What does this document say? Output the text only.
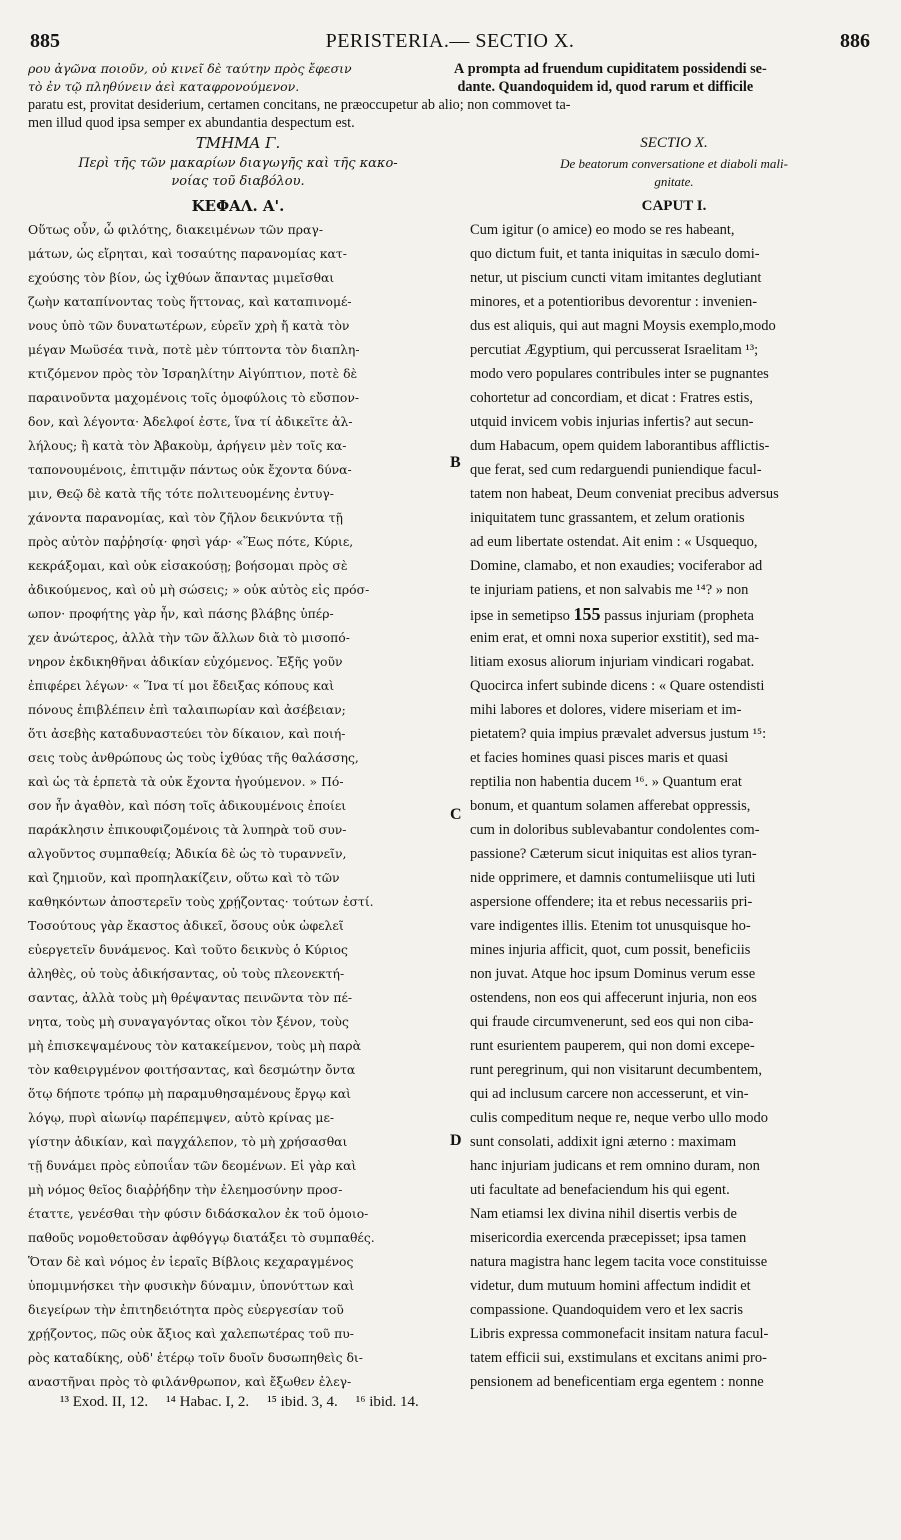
885	PERISTERIA.— SECTIO X.	886
ρου ἀγῶνα ποιοῦν, οὐ κινεῖ δὲ ταύτην πρὸς ἔφεσιν	A prompta ad fruendum cupiditatem possidendi se-
τὸ ἐν τῷ πληθύνειν ἀεὶ καταφρονούμενον.	dante. Quandoquidem id, quod rarum et difficile
paratu est, provitat desiderium, certamen concitans, ne præoccupetur ab alio; non commovet ta-
men illud quod ipsa semper ex abundantia despectum est.
ΤΜΗΜΑ Γ.
Περὶ τῆς τῶν μακαρίων διαγωγῆς καὶ τῆς κακο-
νοίας τοῦ διαβόλου.
ΚΕΦΑΛ. Α'.
Οὕτως οὖν, ὦ φιλότης, διακειμένων τῶν πραγ-
μάτων, ὡς εἴρηται, καὶ τοσαύτης παρανομίας κατ-
εχούσης τὸν βίον, ὡς ἰχθύων ἅπαντας μιμεῖσθαι
ζωὴν καταπίνοντας τοὺς ἥττονας, καὶ καταπινομέ-
νους ὑπὸ τῶν δυνατωτέρων, εὑρεῖν χρὴ ἤ κατὰ τὸν
μέγαν Μωϋσέα τινὰ, ποτὲ μὲν τύπτοντα τὸν διαπλη-
κτιζόμενον πρὸς τὸν Ἰσραηλίτην Αἰγύπτιον, ποτὲ δὲ
παραινοῦντα μαχομένοις τοῖς ὁμοφύλοις τὸ εὔσπον-
δον, καὶ λέγοντα· Ἀδελφοί ἐστε, ἵνα τί ἀδικεῖτε ἀλ-
λήλους; ἢ κατὰ τὸν Ἀβακοὺμ, ἀρήγειν μὲν τοῖς κα-
ταπονουμένοις, ἐπιτιμᾷν πάντως οὐκ ἔχοντα δύνα-
μιν, Θεῷ δὲ κατὰ τῆς τότε πολιτευομένης ἐντυγ-
χάνοντα παρανομίας, καὶ τὸν ζῆλον δεικνύντα τῇ
πρὸς αὐτὸν παῤῥησίᾳ· φησὶ γάρ· «Ἕως πότε, Κύριε,
κεκράξομαι, καὶ οὐκ εἰσακούσῃ; βοήσομαι πρὸς σὲ
ἀδικούμενος, καὶ οὐ μὴ σώσεις; » οὐκ αὐτὸς εἰς πρόσ-
ωπον· προφήτης γὰρ ἦν, καὶ πάσης βλάβης ὑπέρ-
χεν ἀνώτερος, ἀλλὰ τὴν τῶν ἄλλων διὰ τὸ μισοπό-
νηρον ἐκδικηθῆναι ἀδικίαν εὐχόμενος. Ἐξῆς γοῦν
ἐπιφέρει λέγων· « Ἵνα τί μοι ἔδειξας κόπους καὶ
πόνους ἐπιβλέπειν ἐπὶ ταλαιπωρίαν καὶ ἀσέβειαν;
ὅτι ἀσεβὴς καταδυναστεύει τὸν δίκαιον, καὶ ποιή-
σεις τοὺς ἀνθρώπους ὡς τοὺς ἰχθύας τῆς θαλάσσης,
καὶ ὡς τὰ ἑρπετὰ τὰ οὐκ ἔχοντα ἡγούμενον. » Πό-
σον ἦν ἀγαθὸν, καὶ πόση τοῖς ἀδικουμένοις ἐποίει
παράκλησιν ἐπικουφιζομένοις τὰ λυπηρὰ τοῦ συν-
αλγοῦντος συμπαθείᾳ; Ἀδικία δὲ ὡς τὸ τυραννεῖν,
καὶ ζημιοῦν, καὶ προπηλακίζειν, οὕτω καὶ τὸ τῶν
καθηκόντων ἀποστερεῖν τοὺς χρῄζοντας· τούτων ἐστί.
Τοσούτους γὰρ ἕκαστος ἀδικεῖ, ὅσους οὐκ ὠφελεῖ
εὐεργετεῖν δυνάμενος. Καὶ τοῦτο δεικνὺς ὁ Κύριος
ἀληθὲς, οὐ τοὺς ἀδικήσαντας, οὐ τοὺς πλεονεκτή-
σαντας, ἀλλὰ τοὺς μὴ θρέψαντας πεινῶντα τὸν πέ-
νητα, τοὺς μὴ συναγαγόντας οἴκοι τὸν ξένον, τοὺς
μὴ ἐπισκεψαμένους τὸν κατακείμενον, τοὺς μὴ παρὰ
τὸν καθειργμένον φοιτήσαντας, καὶ δεσμώτην ὄντα
ὅτῳ δήποτε τρόπῳ μὴ παραμυθησαμένους ἔργῳ καὶ
λόγῳ, πυρὶ αἰωνίῳ παρέπεμψεν, αὐτὸ κρίνας με-
γίστην ἀδικίαν, καὶ παγχάλεπον, τὸ μὴ χρήσασθαι
τῇ δυνάμει πρὸς εὐποιΐαν τῶν δεομένων. Εἰ γὰρ καὶ
μὴ νόμος θεῖος διαῤῥήδην τὴν ἐλεημοσύνην προσ-
έταττε, γενέσθαι τὴν φύσιν διδάσκαλον ἐκ τοῦ ὁμοιο-
παθοῦς νομοθετοῦσαν ἀφθόγγῳ διατάξει τὸ συμπαθές.
Ὅταν δὲ καὶ νόμος ἐν ἱεραῖς Βίβλοις κεχαραγμένος
ὑπομιμνήσκει τὴν φυσικὴν δύναμιν, ὑπονύττων καὶ
διεγείρων τὴν ἐπιτηδειότητα πρὸς εὐεργεσίαν τοῦ
χρῄζοντος, πῶς οὐκ ἄξιος καὶ χαλεπωτέρας τοῦ πυ-
ρὸς καταδίκης, οὐδ' ἑτέρῳ τοῖν δυοῖν δυσωπηθεὶς δι-
αναστῆναι πρὸς τὸ φιλάνθρωπον, καὶ ἔξωθεν ἐλεγ-
SECTIO X.
De beatorum conversatione et diaboli mali-
gnitate.
CAPUT I.
Cum igitur (o amice) eo modo se res habeant,
quo dictum fuit, et tanta iniquitas in sæculo domi-
netur, ut piscium cuncti vitam imitantes deglutiant
minores, et a potentioribus devorentur : invenien-
dus est aliquis, qui aut magni Moysis exemplo,modo
percutiat Ægyptium, qui percusserat Israelitam ¹³;
modo vero populares contribules inter se pugnantes
cohortetur ad concordiam, et dicat : Fratres estis,
utquid invicem vobis injurias infertis? aut secun-
dum Habacum, opem quidem laborantibus afflictis-
que ferat, sed cum redarguendi puniendique facul-
tatem non habeat, Deum conveniat precibus adversus
iniquitatem tunc grassantem, et zelum orationis
ad eum libertate ostendat. Ait enim : « Usquequo,
Domine, clamabo, et non exaudies; vociferabor ad
te injuriam patiens, et non salvabis me ¹⁴? » non
ipse in semetipso 155 passus injuriam (propheta
enim erat, et omni noxa superior exstitit), sed ma-
litiam exosus aliorum injuriam vindicari rogabat.
Quocirca infert subinde dicens : « Quare ostendisti
mihi labores et dolores, videre miseriam et im-
pietatem? quia impius prævalet adversus justum ¹⁵:
et facies homines quasi pisces maris et quasi
reptilia non habentia ducem ¹⁶. » Quantum erat
bonum, et quantum solamen afferebat oppressis,
cum in doloribus sublevabantur condolentes com-
passione? Cæterum sicut iniquitas est alios tyran-
nide opprimere, et damnis contumeliisque uti luti
aspersione offendere; ita et rebus necessariis pri-
vare indigentes illis. Etenim tot unusquisque ho-
mines injuria afficit, quot, cum possit, beneficiis
non juvat. Atque hoc ipsum Dominus verum esse
ostendens, non eos qui affecerunt injuria, non eos
qui fraude circumvenerunt, sed eos qui non ciba-
runt esurientem pauperem, qui non domi excepe-
runt peregrinum, qui non visitarunt decumbentem,
qui ad inclusum carcere non accesserunt, et vin-
culis compeditum neque re, neque verbo ullo modo
sunt consolati, addixit igni æterno : maximam
hanc injuriam judicans et rem omnino duram, non
uti facultate ad benefaciendum his qui egent.
Nam etiamsi lex divina nihil disertis verbis de
misericordia exercenda præcepisset; ipsa tamen
natura magistra hanc legem tacita voce constituisse
videtur, dum mutuum homini affectum indidit et
compassione. Quandoquidem vero et lex sacris
Libris expressa commonefacit insitam natura facul-
tatem efficii sui, exstimulans et excitans animi pro-
pensionem ad beneficentiam erga egentem : nonne
B
C
D
¹³ Exod. II, 12. ¹⁴ Habac. I, 2. ¹⁵ ibid. 3, 4. ¹⁶ ibid. 14.
